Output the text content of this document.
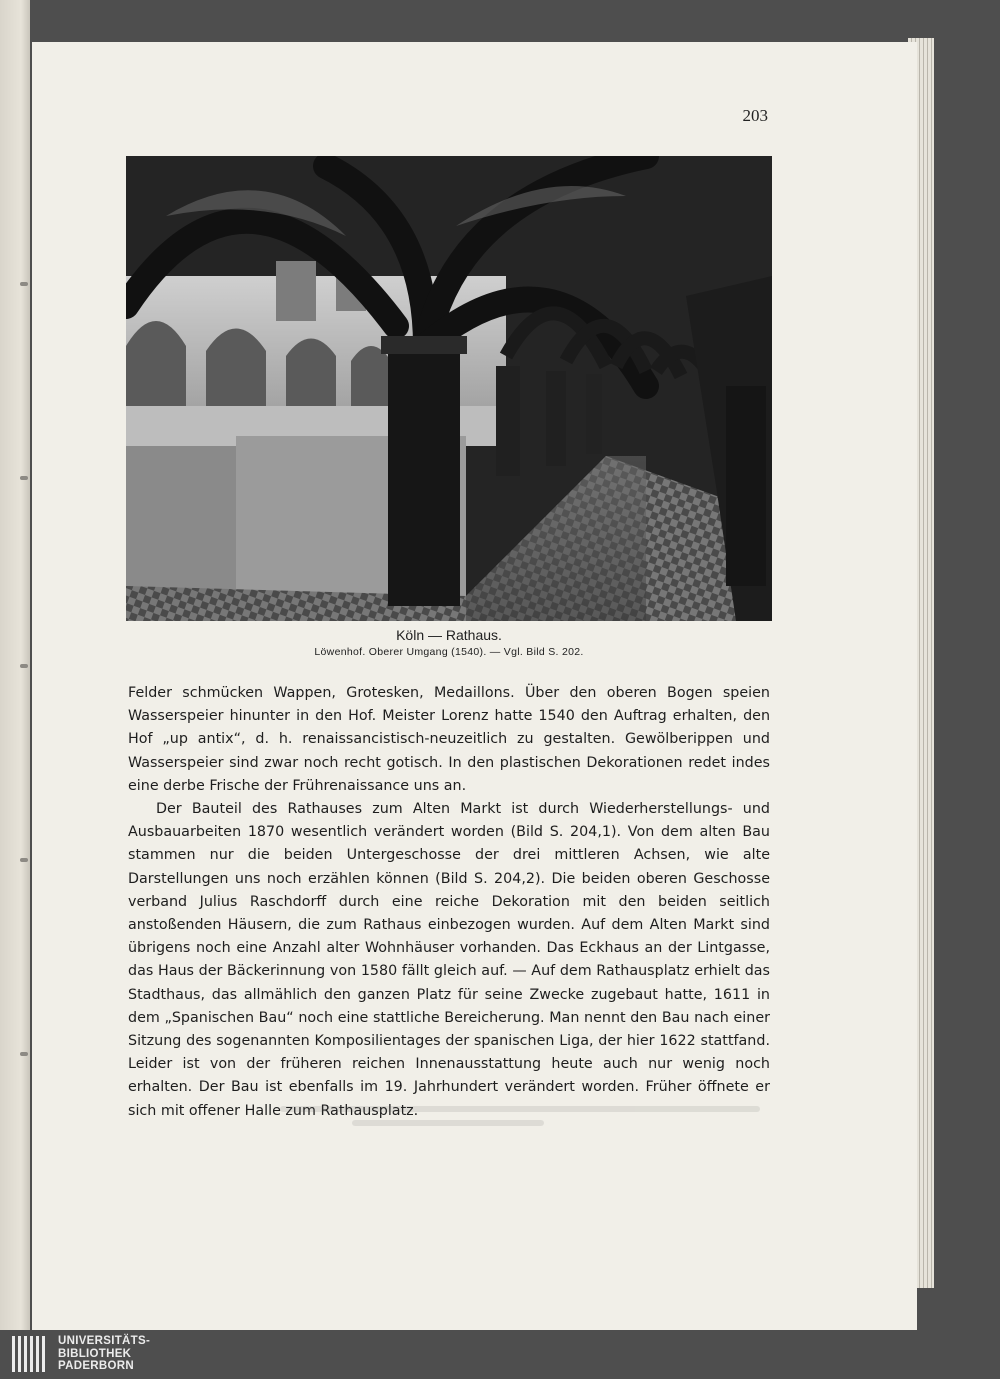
203
Köln — Rathaus.
Löwenhof. Oberer Umgang (1540). — Vgl. Bild S. 202.

Felder schmücken Wappen, Grotesken, Medaillons. Über den oberen Bogen speien Wasserspeier hinunter in den Hof. Meister Lorenz hatte 1540 den Auftrag erhalten, den Hof „up antix“, d. h. renaissancistisch-neuzeitlich zu gestalten. Gewölberippen und Wasserspeier sind zwar noch recht gotisch. In den plastischen Dekorationen redet indes eine derbe Frische der Frührenaissance uns an.

Der Bauteil des Rathauses zum Alten Markt ist durch Wiederherstellungs- und Ausbauarbeiten 1870 wesentlich verändert worden (Bild S. 204,1). Von dem alten Bau stammen nur die beiden Untergeschosse der drei mittleren Achsen, wie alte Darstellungen uns noch erzählen können (Bild S. 204,2). Die beiden oberen Geschosse verband Julius Raschdorff durch eine reiche Dekoration mit den beiden seitlich anstoßenden Häusern, die zum Rathaus einbezogen wurden. Auf dem Alten Markt sind übrigens noch eine Anzahl alter Wohnhäuser vorhanden. Das Eckhaus an der Lintgasse, das Haus der Bäckerinnung von 1580 fällt gleich auf. — Auf dem Rathausplatz erhielt das Stadthaus, das allmählich den ganzen Platz für seine Zwecke zugebaut hatte, 1611 in dem „Spanischen Bau“ noch eine stattliche Bereicherung. Man nennt den Bau nach einer Sitzung des sogenannten Komposilientages der spanischen Liga, der hier 1622 stattfand. Leider ist von der früheren reichen Innenausstattung heute auch nur wenig noch erhalten. Der Bau ist ebenfalls im 19. Jahrhundert verändert worden. Früher öffnete er sich mit offener Halle zum Rathausplatz.

UNIVERSITÄTS-
BIBLIOTHEK
PADERBORN
